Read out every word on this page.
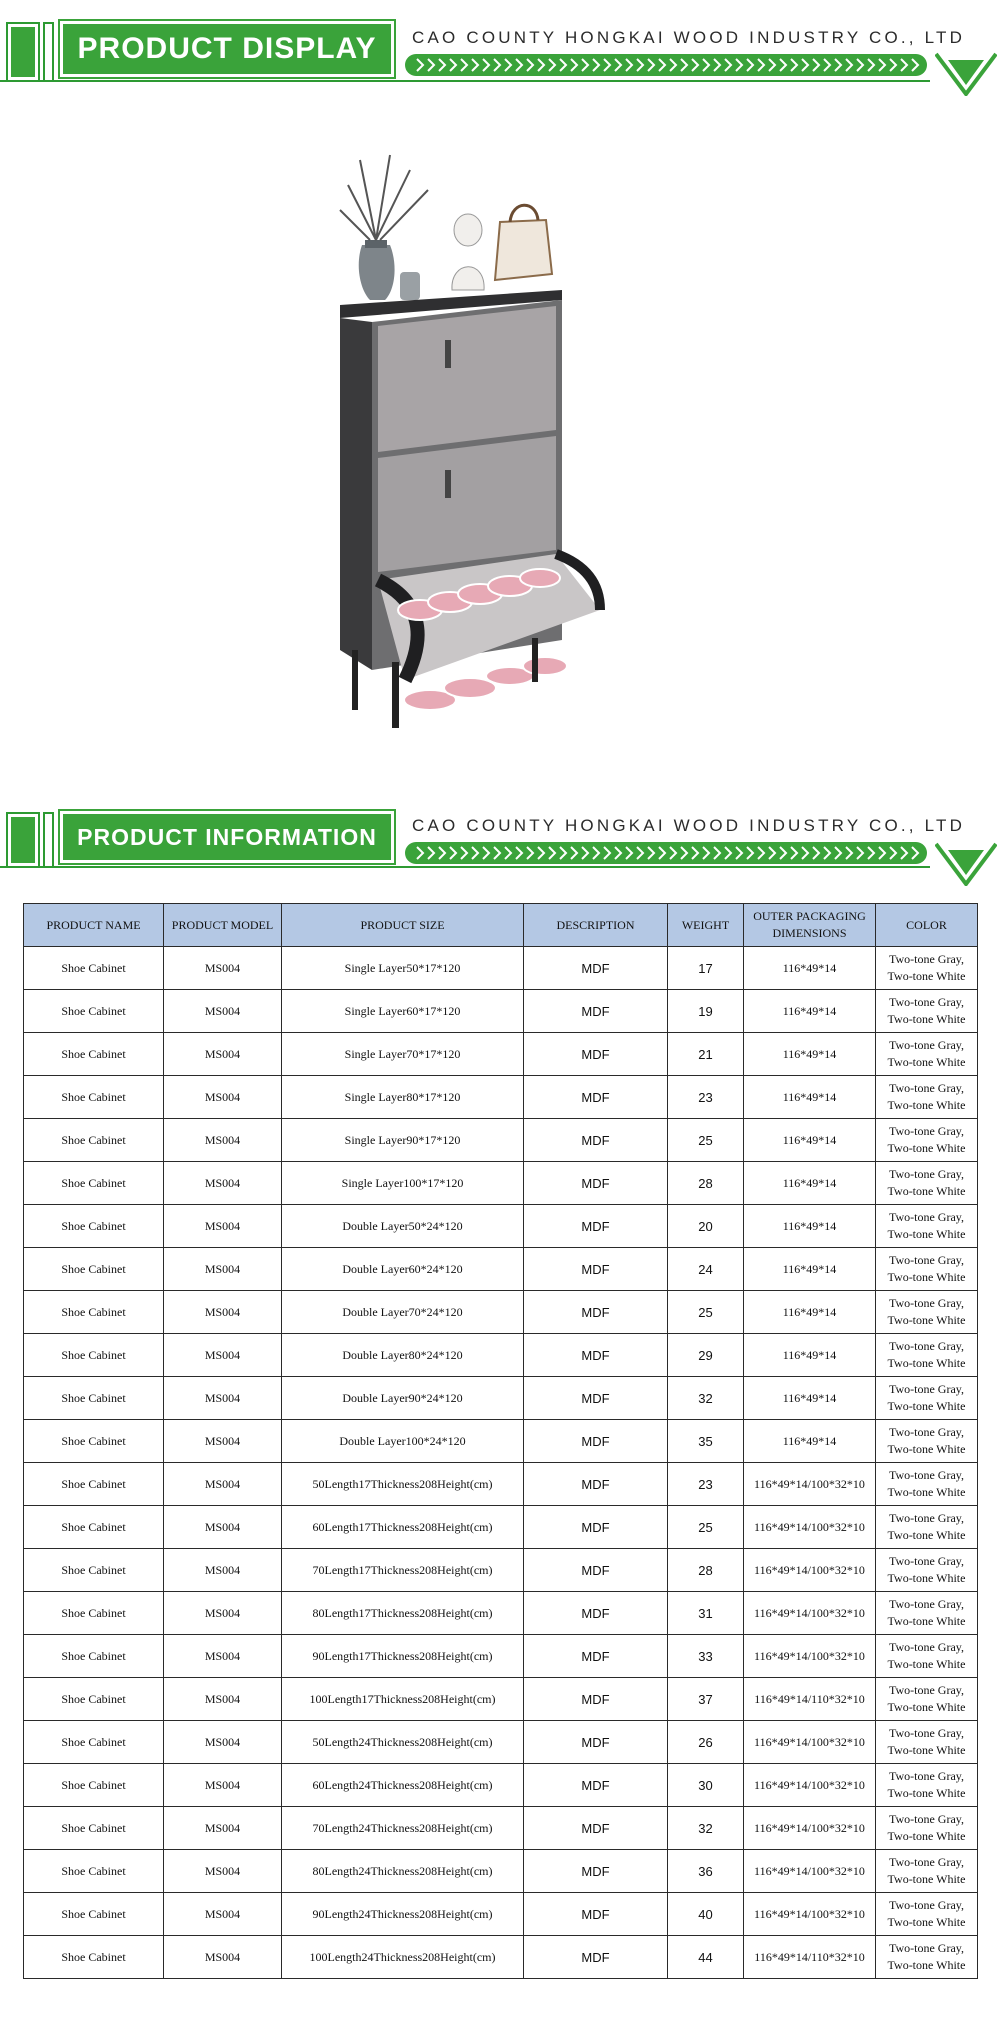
PRODUCT DISPLAY	CAO COUNTY HONGKAI WOOD INDUSTRY CO., LTD
PRODUCT INFORMATION	CAO COUNTY HONGKAI WOOD INDUSTRY CO., LTD
PRODUCT NAME	PRODUCT MODEL	PRODUCT SIZE	DESCRIPTION	WEIGHT	OUTER PACKAGING DIMENSIONS	COLOR
Shoe Cabinet	MS004	Single Layer50*17*120	MDF	17	116*49*14	Two-tone Gray,
Two-tone White
Shoe Cabinet	MS004	Single Layer60*17*120	MDF	19	116*49*14	Two-tone Gray,
Two-tone White
Shoe Cabinet	MS004	Single Layer70*17*120	MDF	21	116*49*14	Two-tone Gray,
Two-tone White
Shoe Cabinet	MS004	Single Layer80*17*120	MDF	23	116*49*14	Two-tone Gray,
Two-tone White
Shoe Cabinet	MS004	Single Layer90*17*120	MDF	25	116*49*14	Two-tone Gray,
Two-tone White
Shoe Cabinet	MS004	Single Layer100*17*120	MDF	28	116*49*14	Two-tone Gray,
Two-tone White
Shoe Cabinet	MS004	Double Layer50*24*120	MDF	20	116*49*14	Two-tone Gray,
Two-tone White
Shoe Cabinet	MS004	Double Layer60*24*120	MDF	24	116*49*14	Two-tone Gray,
Two-tone White
Shoe Cabinet	MS004	Double Layer70*24*120	MDF	25	116*49*14	Two-tone Gray,
Two-tone White
Shoe Cabinet	MS004	Double Layer80*24*120	MDF	29	116*49*14	Two-tone Gray,
Two-tone White
Shoe Cabinet	MS004	Double Layer90*24*120	MDF	32	116*49*14	Two-tone Gray,
Two-tone White
Shoe Cabinet	MS004	Double Layer100*24*120	MDF	35	116*49*14	Two-tone Gray,
Two-tone White
Shoe Cabinet	MS004	50Length17Thickness208Height(cm)	MDF	23	116*49*14/100*32*10	Two-tone Gray,
Two-tone White
Shoe Cabinet	MS004	60Length17Thickness208Height(cm)	MDF	25	116*49*14/100*32*10	Two-tone Gray,
Two-tone White
Shoe Cabinet	MS004	70Length17Thickness208Height(cm)	MDF	28	116*49*14/100*32*10	Two-tone Gray,
Two-tone White
Shoe Cabinet	MS004	80Length17Thickness208Height(cm)	MDF	31	116*49*14/100*32*10	Two-tone Gray,
Two-tone White
Shoe Cabinet	MS004	90Length17Thickness208Height(cm)	MDF	33	116*49*14/100*32*10	Two-tone Gray,
Two-tone White
Shoe Cabinet	MS004	100Length17Thickness208Height(cm)	MDF	37	116*49*14/110*32*10	Two-tone Gray,
Two-tone White
Shoe Cabinet	MS004	50Length24Thickness208Height(cm)	MDF	26	116*49*14/100*32*10	Two-tone Gray,
Two-tone White
Shoe Cabinet	MS004	60Length24Thickness208Height(cm)	MDF	30	116*49*14/100*32*10	Two-tone Gray,
Two-tone White
Shoe Cabinet	MS004	70Length24Thickness208Height(cm)	MDF	32	116*49*14/100*32*10	Two-tone Gray,
Two-tone White
Shoe Cabinet	MS004	80Length24Thickness208Height(cm)	MDF	36	116*49*14/100*32*10	Two-tone Gray,
Two-tone White
Shoe Cabinet	MS004	90Length24Thickness208Height(cm)	MDF	40	116*49*14/100*32*10	Two-tone Gray,
Two-tone White
Shoe Cabinet	MS004	100Length24Thickness208Height(cm)	MDF	44	116*49*14/110*32*10	Two-tone Gray,
Two-tone White
